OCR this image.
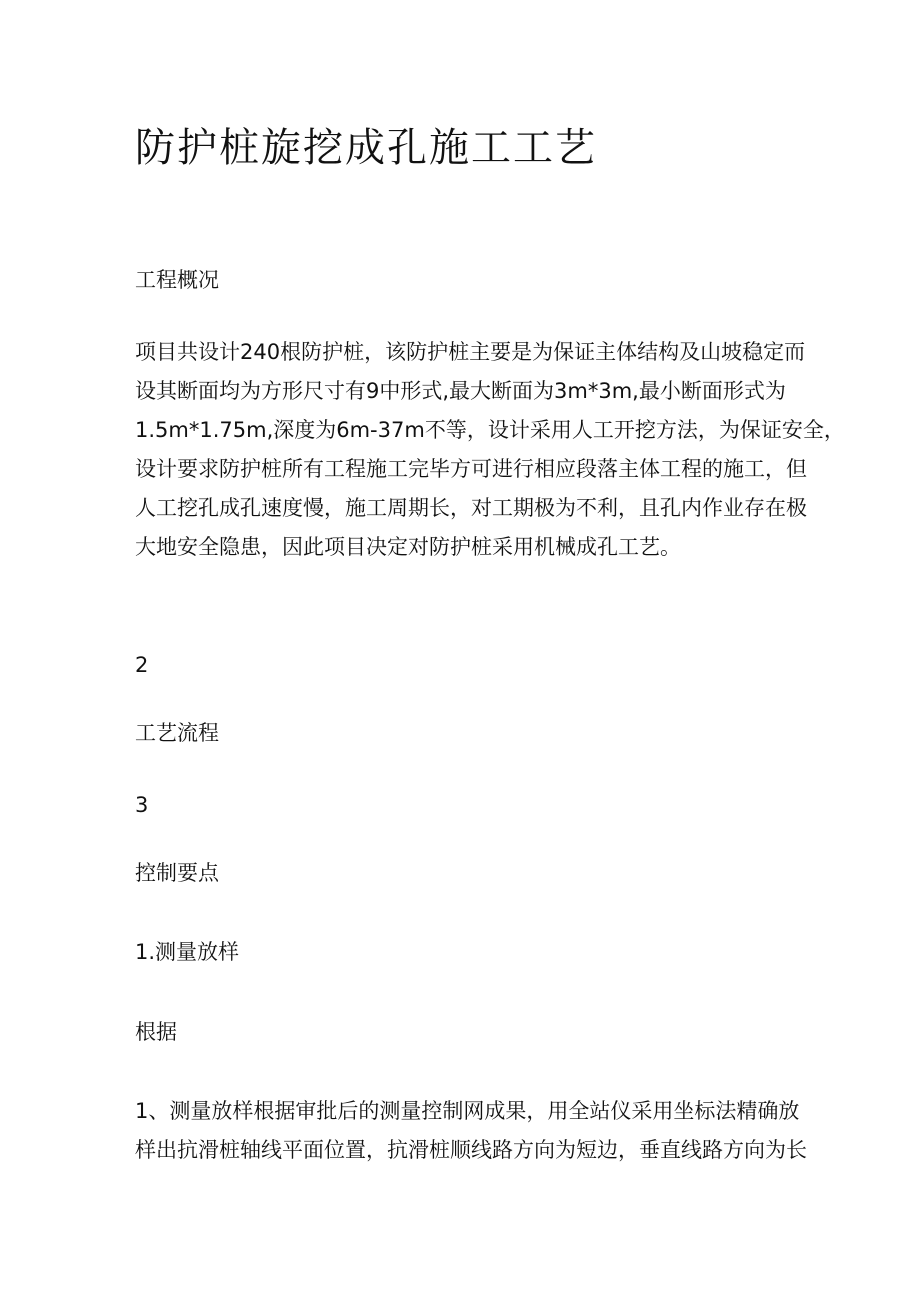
防护桩旋挖成孔施工工艺

工程概况

项目共设计240根防护桩，该防护桩主要是为保证主体结构及山坡稳定而
设其断面均为方形尺寸有9中形式,最大断面为3m*3m,最小断面形式为
1.5m*1.75m,深度为6m-37m不等，设计采用人工开挖方法，为保证安全，
设计要求防护桩所有工程施工完毕方可进行相应段落主体工程的施工，但
人工挖孔成孔速度慢，施工周期长，对工期极为不利，且孔内作业存在极
大地安全隐患，因此项目决定对防护桩采用机械成孔工艺。

2

工艺流程

3

控制要点

1.测量放样

根据

1、测量放样根据审批后的测量控制网成果，用全站仪采用坐标法精确放
样出抗滑桩轴线平面位置，抗滑桩顺线路方向为短边，垂直线路方向为长
